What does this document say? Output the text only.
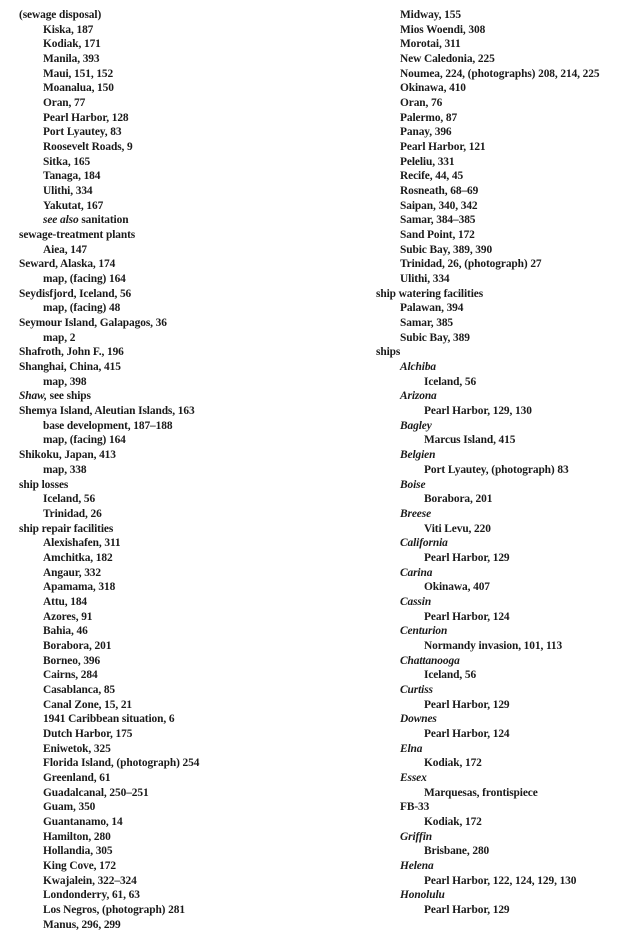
(sewage disposal)
Kiska, 187
Kodiak, 171
Manila, 393
Maui, 151, 152
Moanalua, 150
Oran, 77
Pearl Harbor, 128
Port Lyautey, 83
Roosevelt Roads, 9
Sitka, 165
Tanaga, 184
Ulithi, 334
Yakutat, 167
see also sanitation
sewage-treatment plants
Aiea, 147
Seward, Alaska, 174
map, (facing) 164
Seydisfjord, Iceland, 56
map, (facing) 48
Seymour Island, Galapagos, 36
map, 2
Shafroth, John F., 196
Shanghai, China, 415
map, 398
Shaw, see ships
Shemya Island, Aleutian Islands, 163
base development, 187–188
map, (facing) 164
Shikoku, Japan, 413
map, 338
ship losses
Iceland, 56
Trinidad, 26
ship repair facilities
Alexishafen, 311
Amchitka, 182
Angaur, 332
Apamama, 318
Attu, 184
Azores, 91
Bahia, 46
Borabora, 201
Borneo, 396
Cairns, 284
Casablanca, 85
Canal Zone, 15, 21
1941 Caribbean situation, 6
Dutch Harbor, 175
Eniwetok, 325
Florida Island, (photograph) 254
Greenland, 61
Guadalcanal, 250–251
Guam, 350
Guantanamo, 14
Hamilton, 280
Hollandia, 305
King Cove, 172
Kwajalein, 322–324
Londonderry, 61, 63
Los Negros, (photograph) 281
Manus, 296, 299
Midway, 155
Mios Woendi, 308
Morotai, 311
New Caledonia, 225
Noumea, 224, (photographs) 208, 214, 225
Okinawa, 410
Oran, 76
Palermo, 87
Panay, 396
Pearl Harbor, 121
Peleliu, 331
Recife, 44, 45
Rosneath, 68–69
Saipan, 340, 342
Samar, 384–385
Sand Point, 172
Subic Bay, 389, 390
Trinidad, 26, (photograph) 27
Ulithi, 334
ship watering facilities
Palawan, 394
Samar, 385
Subic Bay, 389
ships
Alchiba
Iceland, 56
Arizona
Pearl Harbor, 129, 130
Bagley
Marcus Island, 415
Belgien
Port Lyautey, (photograph) 83
Boise
Borabora, 201
Breese
Viti Levu, 220
California
Pearl Harbor, 129
Carina
Okinawa, 407
Cassin
Pearl Harbor, 124
Centurion
Normandy invasion, 101, 113
Chattanooga
Iceland, 56
Curtiss
Pearl Harbor, 129
Downes
Pearl Harbor, 124
Elna
Kodiak, 172
Essex
Marquesas, frontispiece
FB-33
Kodiak, 172
Griffin
Brisbane, 280
Helena
Pearl Harbor, 122, 124, 129, 130
Honolulu
Pearl Harbor, 129
